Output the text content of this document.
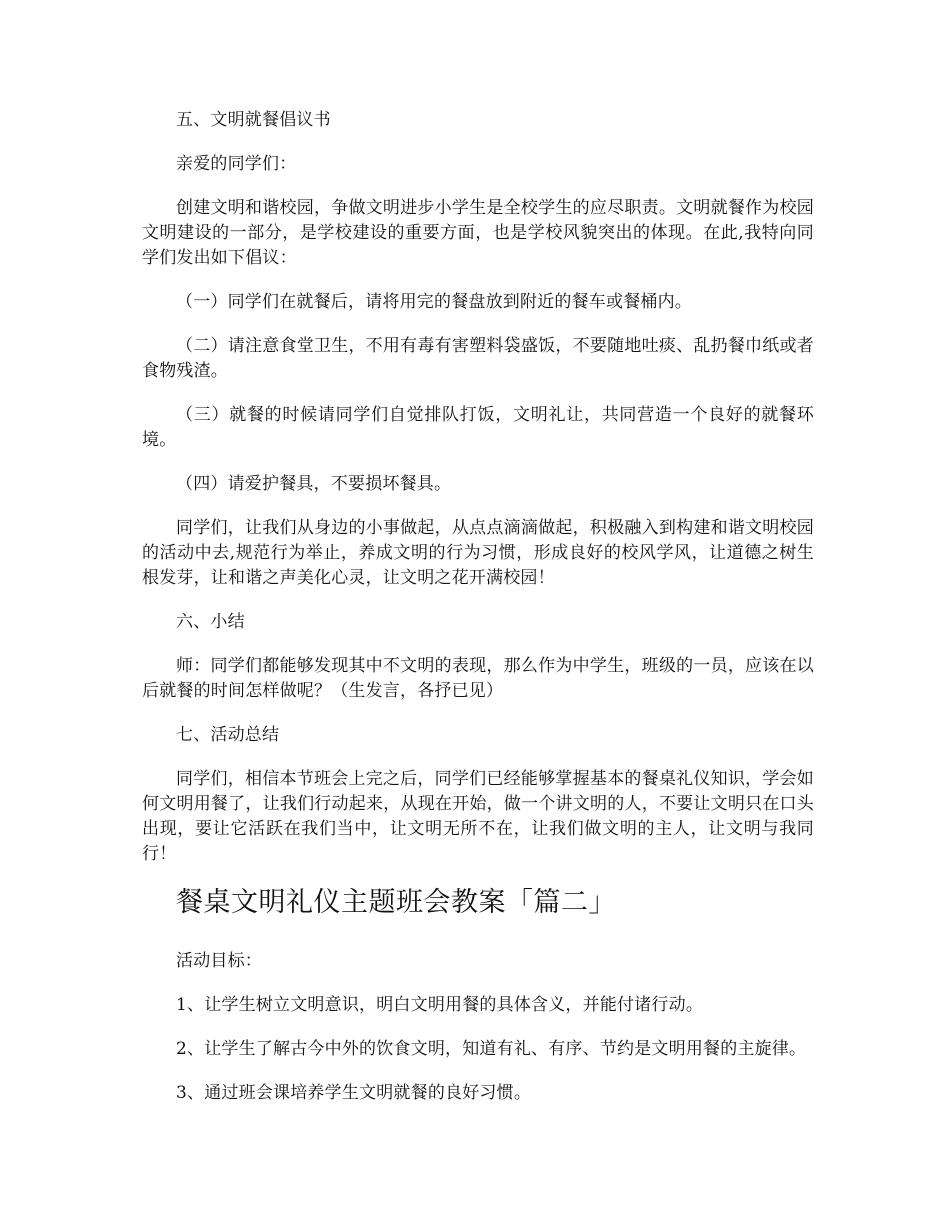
五、文明就餐倡议书

亲爱的同学们：

创建文明和谐校园，争做文明进步小学生是全校学生的应尽职责。文明就餐作为校园文明建设的一部分，是学校建设的重要方面，也是学校风貌突出的体现。在此,我特向同学们发出如下倡议：

（一）同学们在就餐后，请将用完的餐盘放到附近的餐车或餐桶内。

（二）请注意食堂卫生，不用有毒有害塑料袋盛饭，不要随地吐痰、乱扔餐巾纸或者食物残渣。

（三）就餐的时候请同学们自觉排队打饭，文明礼让，共同营造一个良好的就餐环境。

（四）请爱护餐具，不要损坏餐具。

同学们，让我们从身边的小事做起，从点点滴滴做起，积极融入到构建和谐文明校园的活动中去,规范行为举止，养成文明的行为习惯，形成良好的校风学风，让道德之树生根发芽，让和谐之声美化心灵，让文明之花开满校园！

六、小结

师：同学们都能够发现其中不文明的表现，那么作为中学生，班级的一员，应该在以后就餐的时间怎样做呢？（生发言，各抒已见）

七、活动总结

同学们，相信本节班会上完之后，同学们已经能够掌握基本的餐桌礼仪知识，学会如何文明用餐了，让我们行动起来，从现在开始，做一个讲文明的人，不要让文明只在口头出现，要让它活跃在我们当中，让文明无所不在，让我们做文明的主人，让文明与我同行！

餐桌文明礼仪主题班会教案「篇二」

活动目标：

1、让学生树立文明意识，明白文明用餐的具体含义，并能付诸行动。

2、让学生了解古今中外的饮食文明，知道有礼、有序、节约是文明用餐的主旋律。

3、通过班会课培养学生文明就餐的良好习惯。
